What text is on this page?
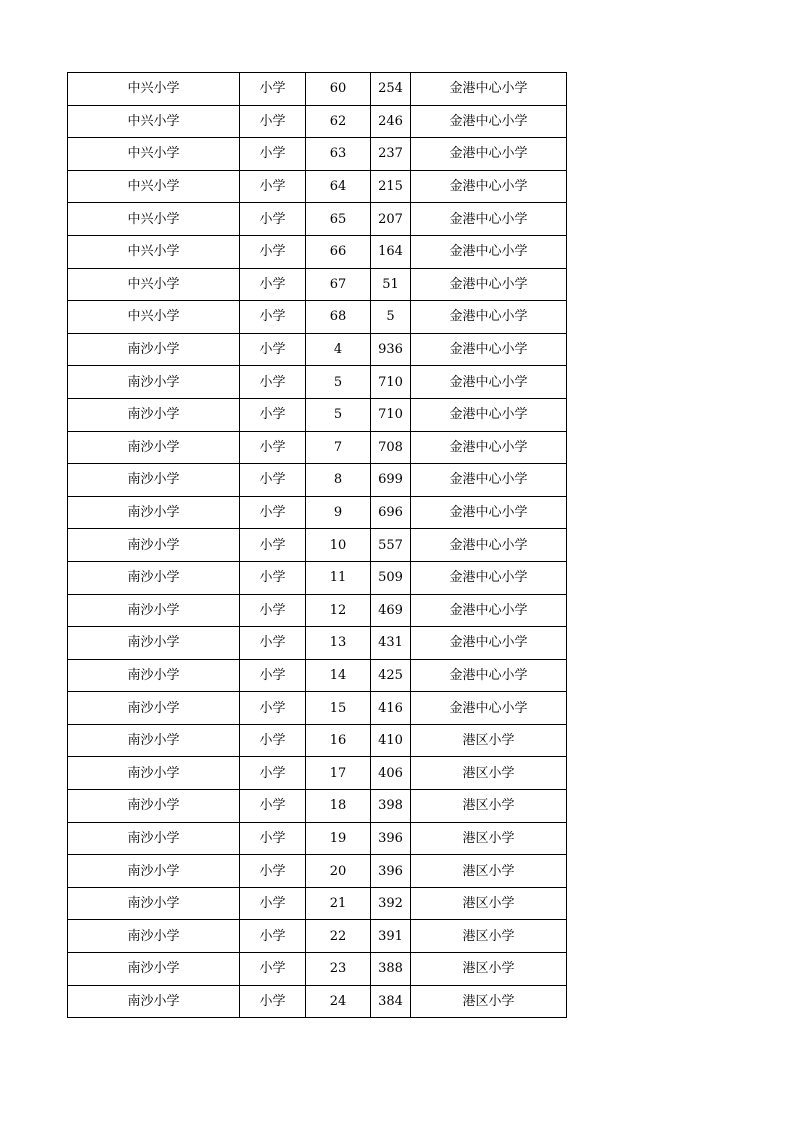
中兴小学	小学	60	254	金港中心小学
中兴小学	小学	62	246	金港中心小学
中兴小学	小学	63	237	金港中心小学
中兴小学	小学	64	215	金港中心小学
中兴小学	小学	65	207	金港中心小学
中兴小学	小学	66	164	金港中心小学
中兴小学	小学	67	51	金港中心小学
中兴小学	小学	68	5	金港中心小学
南沙小学	小学	4	936	金港中心小学
南沙小学	小学	5	710	金港中心小学
南沙小学	小学	5	710	金港中心小学
南沙小学	小学	7	708	金港中心小学
南沙小学	小学	8	699	金港中心小学
南沙小学	小学	9	696	金港中心小学
南沙小学	小学	10	557	金港中心小学
南沙小学	小学	11	509	金港中心小学
南沙小学	小学	12	469	金港中心小学
南沙小学	小学	13	431	金港中心小学
南沙小学	小学	14	425	金港中心小学
南沙小学	小学	15	416	金港中心小学
南沙小学	小学	16	410	港区小学
南沙小学	小学	17	406	港区小学
南沙小学	小学	18	398	港区小学
南沙小学	小学	19	396	港区小学
南沙小学	小学	20	396	港区小学
南沙小学	小学	21	392	港区小学
南沙小学	小学	22	391	港区小学
南沙小学	小学	23	388	港区小学
南沙小学	小学	24	384	港区小学
